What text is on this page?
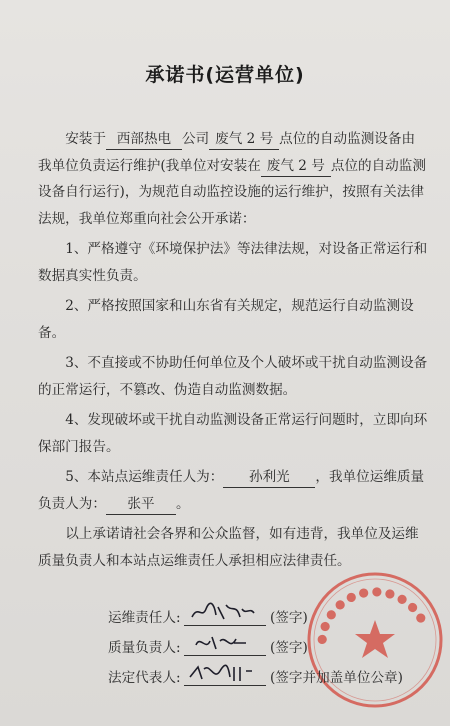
承诺书(运营单位)

安装于 西部热电 公司 废气 2 号 点位的自动监测设备由我单位负责运行维护(我单位对安装在 废气 2 号 点位的自动监测设备自行运行)，为规范自动监控设施的运行维护，按照有关法律法规，我单位郑重向社会公开承诺：

1、严格遵守《环境保护法》等法律法规，对设备正常运行和数据真实性负责。

2、严格按照国家和山东省有关规定，规范运行自动监测设备。

3、不直接或不协助任何单位及个人破坏或干扰自动监测设备的正常运行，不篡改、伪造自动监测数据。

4、发现破坏或干扰自动监测设备正常运行问题时，立即向环保部门报告。

5、本站点运维责任人为： 孙利光 ，我单位运维质量负责人为： 张平 。

以上承诺请社会各界和公众监督，如有违背，我单位及运维质量负责人和本站点运维责任人承担相应法律责任。

●●●●●●●●●●●
运维责任人:	(签字)
质量负责人:	(签字)
法定代表人:	(签字并加盖单位公章)
